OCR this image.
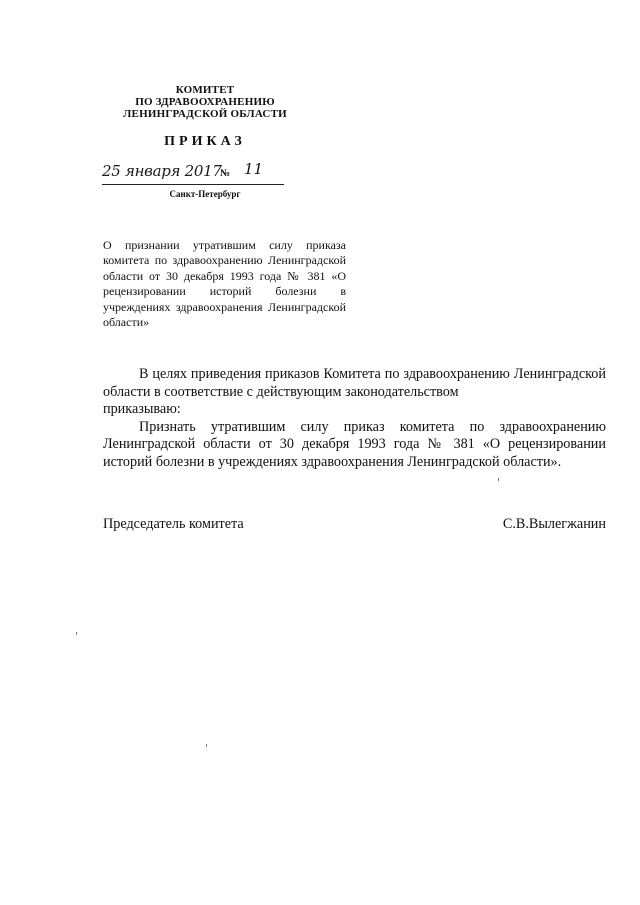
КОМИТЕТ
ПО ЗДРАВООХРАНЕНИЮ
ЛЕНИНГРАДСКОЙ ОБЛАСТИ
ПРИКАЗ
25 января 2017
№ 11
Санкт-Петербург
О признании утратившим силу приказа комитета по здравоохранению Ленинградской области от 30 декабря 1993 года № 381 «О рецензировании историй болезни в учреждениях здравоохранения Ленинградской области»

В целях приведения приказов Комитета по здравоохранению Ленинградской области в соответствие с действующим законодательством

приказываю:

Признать утратившим силу приказ комитета по здравоохранению Ленинградской области от 30 декабря 1993 года № 381 «О рецензировании историй болезни в учреждениях здравоохранения Ленинградской области».

Председатель комитета	С.В.Вылегжанин
